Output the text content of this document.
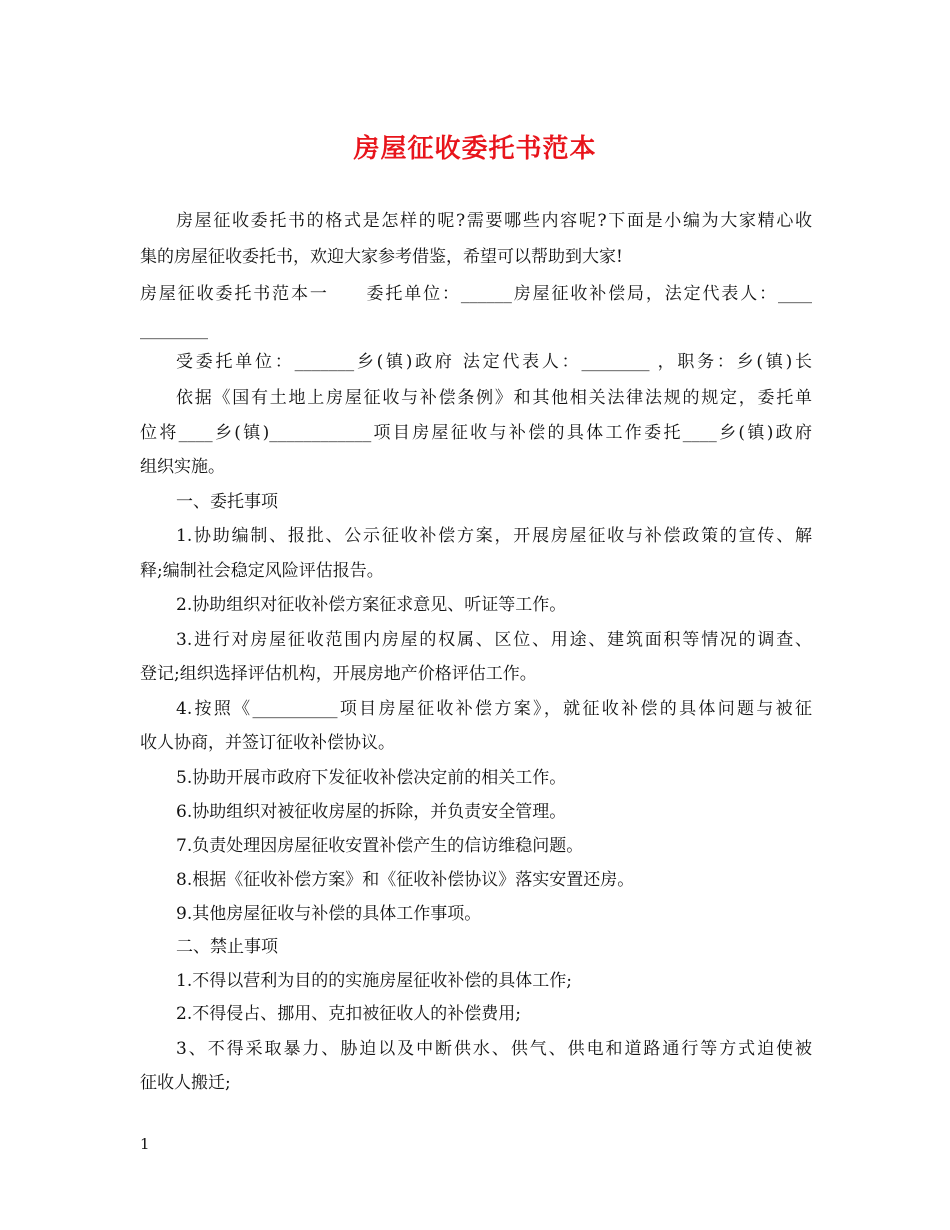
房屋征收委托书范本
房屋征收委托书的格式是怎样的呢?需要哪些内容呢?下面是小编为大家精心收
集的房屋征收委托书，欢迎大家参考借鉴，希望可以帮助到大家!
房屋征收委托书范本一　　委托单位：______房屋征收补偿局，法定代表人：____
________
受委托单位：_______乡(镇)政府 法定代表人：________ ，职务：乡(镇)长
依据《国有土地上房屋征收与补偿条例》和其他相关法律法规的规定，委托单
位将____乡(镇)____________项目房屋征收与补偿的具体工作委托____乡(镇)政府
组织实施。
一、委托事项
1.协助编制、报批、公示征收补偿方案，开展房屋征收与补偿政策的宣传、解
释;编制社会稳定风险评估报告。
2.协助组织对征收补偿方案征求意见、听证等工作。
3.进行对房屋征收范围内房屋的权属、区位、用途、建筑面积等情况的调查、
登记;组织选择评估机构，开展房地产价格评估工作。
4.按照《__________项目房屋征收补偿方案》，就征收补偿的具体问题与被征
收人协商，并签订征收补偿协议。
5.协助开展市政府下发征收补偿决定前的相关工作。
6.协助组织对被征收房屋的拆除，并负责安全管理。
7.负责处理因房屋征收安置补偿产生的信访维稳问题。
8.根据《征收补偿方案》和《征收补偿协议》落实安置还房。
9.其他房屋征收与补偿的具体工作事项。
二、禁止事项
1.不得以营利为目的的实施房屋征收补偿的具体工作;
2.不得侵占、挪用、克扣被征收人的补偿费用;
3、不得采取暴力、胁迫以及中断供水、供气、供电和道路通行等方式迫使被
征收人搬迁;
1
